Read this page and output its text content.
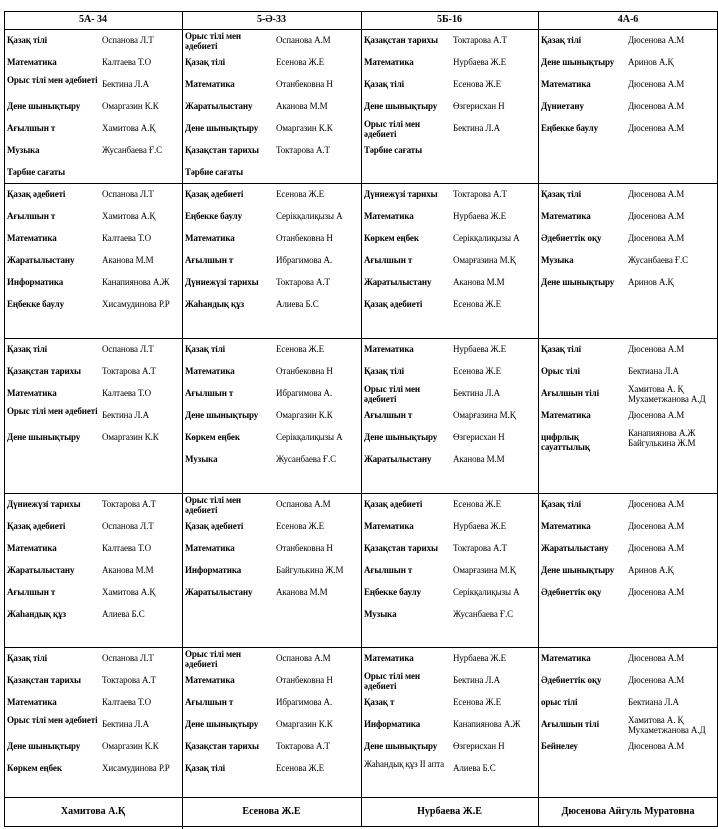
5А- 34
Хамитова А.Қ
5-Ә-33
Есенова Ж.Е
5Б-16
Нурбаева Ж.Е
4А-6
Дюсенова Айгуль Муратовна
Қазақ тілі	Оспанова Л.Т
Математика	Калтаева Т.О
Орыс тілі мен әдебиеті Бектина Л.А
Дене шынықтыру	Омаргазин К.К
Ағылшын т	Хамитова А.Қ
Музыка	Жусанбаева Ғ.С
Тәрбие сағаты
Орыс тілі мен әдебиеті
Оспанова А.М
Қазақ тілі	Есенова Ж.Е
Математика	Отанбековна Н
Жаратылыстану	Аканова М.М
Дене шынықтыру	Омаргазин К.К
Қазақстан тарихы	Токтарова А.Т
Тәрбие сағаты
Қазақстан тарихы	Токтарова А.Т
Математика	Нурбаева Ж.Е
Қазақ тілі	Есенова Ж.Е
Дене шынықтыру	Өзгерисхан Н
Орыс тілі мен әдебиеті
Бектина Л.А
Тәрбие сағаты
Қазақ тілі	Дюсенова А.М
Дене шынықтыру	Аринов А.Қ
Математика	Дюсенова А.М
Дүниетану	Дюсенова А.М
Еңбекке баулу	Дюсенова А.М
Қазақ әдебиеті	Оспанова Л.Т
Ағылшын т	Хамитова А.Қ
Математика	Калтаева Т.О
Жаратылыстану	Аканова М.М
Информатика	Канапиянова А.Ж
Еңбекке баулу	Хисамудинова Р.Р
Қазақ әдебиеті	Есенова Ж.Е
Еңбекке баулу	Серікқалиқызы А
Математика	Отанбековна Н
Ағылшын т	Ибрагимова А.
Дүниежүзі тарихы	Токтарова А.Т
Жаһандық құз	Алиева Б.С
Дүниежүзі тарихы	Токтарова А.Т
Математика	Нурбаева Ж.Е
Көркем еңбек	Серікқалиқызы А
Ағылшын т	Омарғазина М.Қ
Жаратылыстану	Аканова М.М
Қазақ әдебиеті	Есенова Ж.Е
Қазақ тілі	Дюсенова А.М
Математика	Дюсенова А.М
Әдебиеттік оқу	Дюсенова А.М
Музыка	Жусанбаева Ғ.С
Дене шынықтыру	Аринов А.Қ
Қазақ тілі	Оспанова Л.Т
Қазақстан тарихы	Токтарова А.Т
Математика	Калтаева Т.О
Орыс тілі мен әдебиеті Бектина Л.А
Дене шынықтыру	Омаргазин К.К
Қазақ тілі	Есенова Ж.Е
Математика	Отанбековна Н
Ағылшын т	Ибрагимова А.
Дене шынықтыру	Омаргазин К.К
Көркем еңбек	Серікқалиқызы А
Музыка	Жусанбаева Ғ.С
Математика	Нурбаева Ж.Е
Қазақ тілі	Есенова Ж.Е
Орыс тілі мен әдебиеті
Бектина Л.А
Ағылшын т	Омарғазина М.Қ
Дене шынықтыру	Өзгерисхан Н
Жаратылыстану	Аканова М.М
Қазақ тілі	Дюсенова А.М
Орыс тілі	Бектиана Л.А
Ағылшын тілі	Хамитова А. Қ Мухаметжанова А.Д
Математика	Дюсенова А.М
цифрлық сауаттылық
Канапиянова А.Ж Байгулькина Ж.М
Дүниежүзі тарихы	Токтарова А.Т
Қазақ әдебиеті	Оспанова Л.Т
Математика	Калтаева Т.О
Жаратылыстану	Аканова М.М
Ағылшын т	Хамитова А.Қ
Жаһандық құз	Алиева Б.С
Орыс тілі мен әдебиеті
Оспанова А.М
Қазақ әдебиеті	Есенова Ж.Е
Математика	Отанбековна Н
Информатика	Байгулькина Ж.М
Жаратылыстану	Аканова М.М
Қазақ әдебиеті	Есенова Ж.Е
Математика	Нурбаева Ж.Е
Қазақстан тарихы	Токтарова А.Т
Ағылшын т	Омарғазина М.Қ
Еңбекке баулу	Серікқалиқызы А
Музыка	Жусанбаева Ғ.С
Қазақ тілі	Дюсенова А.М
Математика	Дюсенова А.М
Жаратылыстану	Дюсенова А.М
Дене шынықтыру	Аринов А.Қ
Әдебиеттік оқу	Дюсенова А.М
Қазақ тілі	Оспанова Л.Т
Қазақстан тарихы	Токтарова А.Т
Математика	Калтаева Т.О
Орыс тілі мен әдебиеті Бектина Л.А
Дене шынықтыру	Омаргазин К.К
Көркем еңбек	Хисамудинова Р.Р
Орыс тілі мен әдебиеті
Оспанова А.М
Математика	Отанбековна Н
Ағылшын т	Ибрагимова А.
Дене шынықтыру	Омаргазин К.К
Қазақстан тарихы	Токтарова А.Т
Қазақ тілі	Есенова Ж.Е
Математика	Нурбаева Ж.Е
Орыс тілі мен әдебиеті
Бектина Л.А
Қазақ т	Есенова Ж.Е
Информатика	Канапиянова А.Ж
Дене шынықтыру	Өзгерисхан Н
Жаһандық құз II апта Алиева Б.С
Математика	Дюсенова А.М
Әдебиеттік оқу	Дюсенова А.М
орыс тілі	Бектиана Л.А
Ағылшын тілі	Хамитова А. Қ Мухаметжанова А.Д
Бейнелеу	Дюсенова А.М
